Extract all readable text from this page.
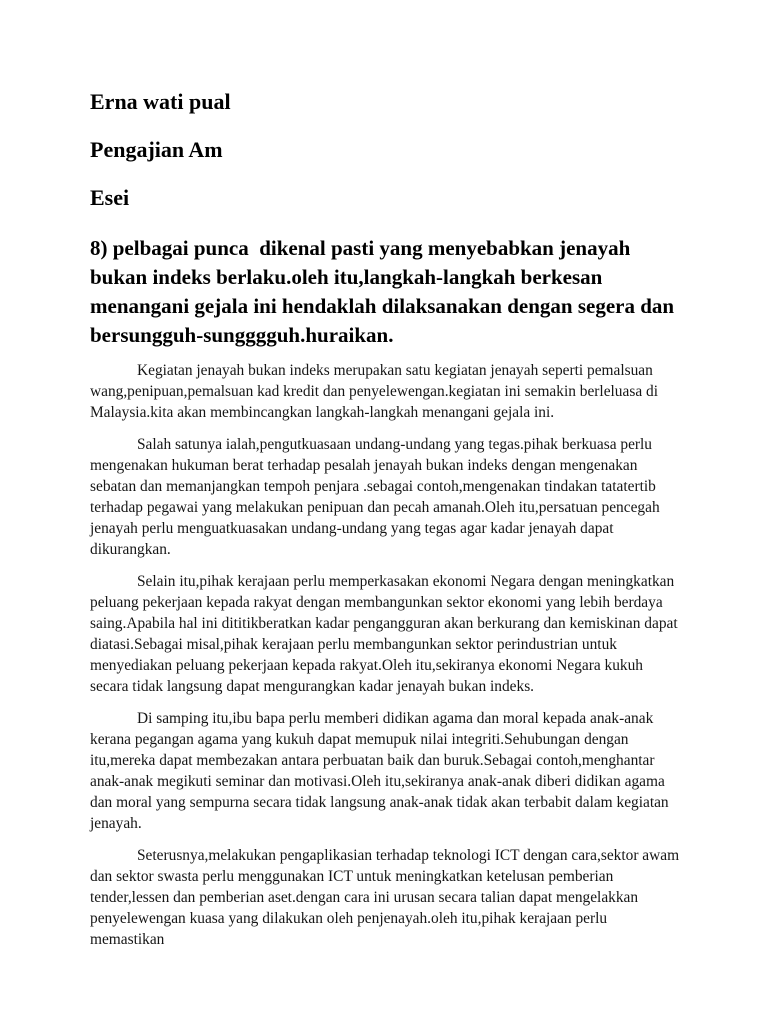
Erna wati pual
Pengajian Am
Esei
8) pelbagai punca  dikenal pasti yang menyebabkan jenayah bukan indeks berlaku.oleh itu,langkah-langkah berkesan menangani gejala ini hendaklah dilaksanakan dengan segera dan bersungguh-sungggguh.huraikan.

Kegiatan jenayah bukan indeks merupakan satu kegiatan jenayah seperti pemalsuan wang,penipuan,pemalsuan kad kredit dan penyelewengan.kegiatan ini semakin berleluasa di Malaysia.kita akan membincangkan langkah-langkah menangani gejala ini.

Salah satunya ialah,pengutkuasaan undang-undang yang tegas.pihak berkuasa perlu mengenakan hukuman berat terhadap pesalah jenayah bukan indeks dengan mengenakan sebatan dan memanjangkan tempoh penjara .sebagai contoh,mengenakan tindakan tatatertib terhadap pegawai yang melakukan penipuan dan pecah amanah.Oleh itu,persatuan pencegah jenayah perlu menguatkuasakan undang-undang yang tegas agar kadar jenayah dapat dikurangkan.

Selain itu,pihak kerajaan perlu memperkasakan ekonomi Negara dengan meningkatkan peluang pekerjaan kepada rakyat dengan membangunkan sektor ekonomi yang lebih berdaya saing.Apabila hal ini dititikberatkan kadar pengangguran akan berkurang dan kemiskinan dapat diatasi.Sebagai misal,pihak kerajaan perlu membangunkan sektor perindustrian untuk menyediakan peluang pekerjaan kepada rakyat.Oleh itu,sekiranya ekonomi Negara kukuh secara tidak langsung dapat mengurangkan kadar jenayah bukan indeks.

Di samping itu,ibu bapa perlu memberi didikan agama dan moral kepada anak-anak kerana pegangan agama yang kukuh dapat memupuk nilai integriti.Sehubungan dengan itu,mereka dapat membezakan antara perbuatan baik dan buruk.Sebagai contoh,menghantar anak-anak megikuti seminar dan motivasi.Oleh itu,sekiranya anak-anak diberi didikan agama dan moral yang sempurna secara tidak langsung anak-anak tidak akan terbabit dalam kegiatan jenayah.

Seterusnya,melakukan pengaplikasian terhadap teknologi ICT dengan cara,sektor awam dan sektor swasta perlu menggunakan ICT untuk meningkatkan ketelusan pemberian tender,lessen dan pemberian aset.dengan cara ini urusan secara talian dapat mengelakkan penyelewengan kuasa yang dilakukan oleh penjenayah.oleh itu,pihak kerajaan perlu memastikan
